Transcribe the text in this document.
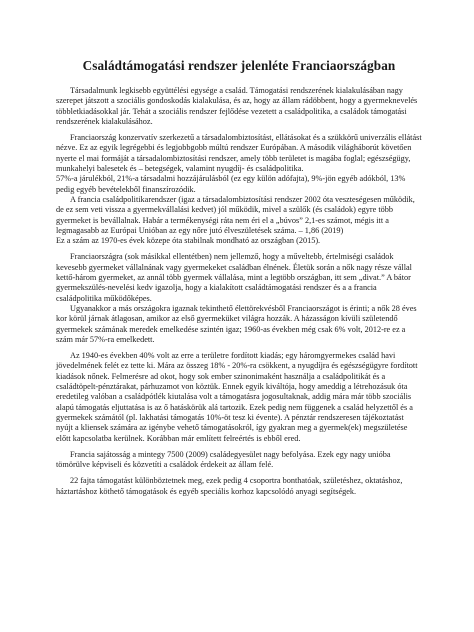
Családtámogatási rendszer jelenléte Franciaországban

Társadalmunk legkisebb együttélési egysége a család. Támogatási rendszerének kialakulásában nagy szerepet játszott a szociális gondoskodás kialakulása, és az, hogy az állam rádöbbent, hogy a gyermeknevelés többletkiadásokkal jár. Tehát a szociális rendszer fejlődése vezetett a családpolitika, a családok támogatási rendszerének kialakulásához.

Franciaország konzervatív szerkezetű a társadalombiztosítást, ellátásokat és a szükkörű univerzális ellátást nézve. Ez az egyik legrégebbi és legjobbgobb múltú rendszer Európában. A második világháborút követően nyerte el mai formáját a társadalombiztosítási rendszer, amely több területet is magába foglal; egészségügy, munkahelyi balesetek és – betegségek, valamint nyugdíj- és családpolitika.

57%-a járulékból, 21%-a társadalmi hozzájárulásból (ez egy külön adófajta), 9%-jön egyéb adókból, 13% pedig egyéb bevételekből finanszírozódik.

A francia családpolitikarendszer (igaz a társadalombiztosítási rendszer 2002 óta veszteségesen működik, de ez sem veti vissza a gyermekvállalási kedvet) jól működik, mivel a szülők (és családok) egyre több gyermeket is bevállalnak. Habár a termékenységi ráta nem éri el a „búvos” 2,1-es számot, mégis itt a legmagasabb az Európai Unióban az egy nőre jutó élveszületések száma. – 1,86 (2019)

Ez a szám az 1970-es évek közepe óta stabilnak mondható az országban (2015).

Franciaországra (sok másikkal ellentétben) nem jellemző, hogy a műveltebb, értelmiségi családok kevesebb gyermeket vállalnának vagy gyermekeket családban élnének. Életük során a nők nagy része vállal kettő-három gyermeket, az annál több gyermek vállalása, mint a legtöbb országban, itt sem „divat.” A bátor gyermekszülés-nevelési kedv igazolja, hogy a kialakított családtámogatási rendszer és a a francia családpolitika működőképes.

Ugyanakkor a más országokra igaznak tekinthető élettörekvésből Franciaországot is érinti; a nők 28 éves kor körül járnak átlagosan, amikor az első gyermeküket világra hozzák. A házasságon kívüli születendő gyermekek számának meredek emelkedése szintén igaz; 1960-as években még csak 6% volt, 2012-re ez a szám már 57%-ra emelkedett.

Az 1940-es években 40% volt az erre a területre fordított kiadás; egy háromgyermekes család havi jövedelmének felét ez tette ki. Mára az összeg 18% - 20%-ra csökkent, a nyugdíjra és egészségügyre fordított kiadások nőnek. Felmerésre ad okot, hogy sok ember szinonimaként használja a családpolitikát és a családtöpelt-pénztárakat, párhuzamot von köztük. Ennek egyik kiváltója, hogy ameddig a létrehozásuk óta eredetileg valóban a családpótlék kiutalása volt a támogatásra jogosultaknak, addig mára már több szociális alapú támogatás eljuttatása is az ő hatáskörük alá tartozik. Ezek pedig nem függenek a család helyzettől és a gyermekek számától (pl. lakhatási támogatás 10%-öt tesz ki évente). A pénztár rendszeresen tájékoztatást nyújt a kliensek számára az igénybe vehető támogatásokról, így gyakran meg a gyermek(ek) megszületése előtt kapcsolatba kerülnek. Korábban már említett felreértés is ebből ered.

Francia sajátosság a mintegy 7500 (2009) családegyesület nagy befolyása. Ezek egy nagy unióba tömörülve képviseli és közvetíti a családok érdekeit az állam felé.

22 fajta támogatást különböztetnek meg, ezek pedig 4 csoportra bonthatóak, születéshez, oktatáshoz, háztartáshoz köthető támogatások és egyéb speciális korhoz kapcsolódó anyagi segítségek.
